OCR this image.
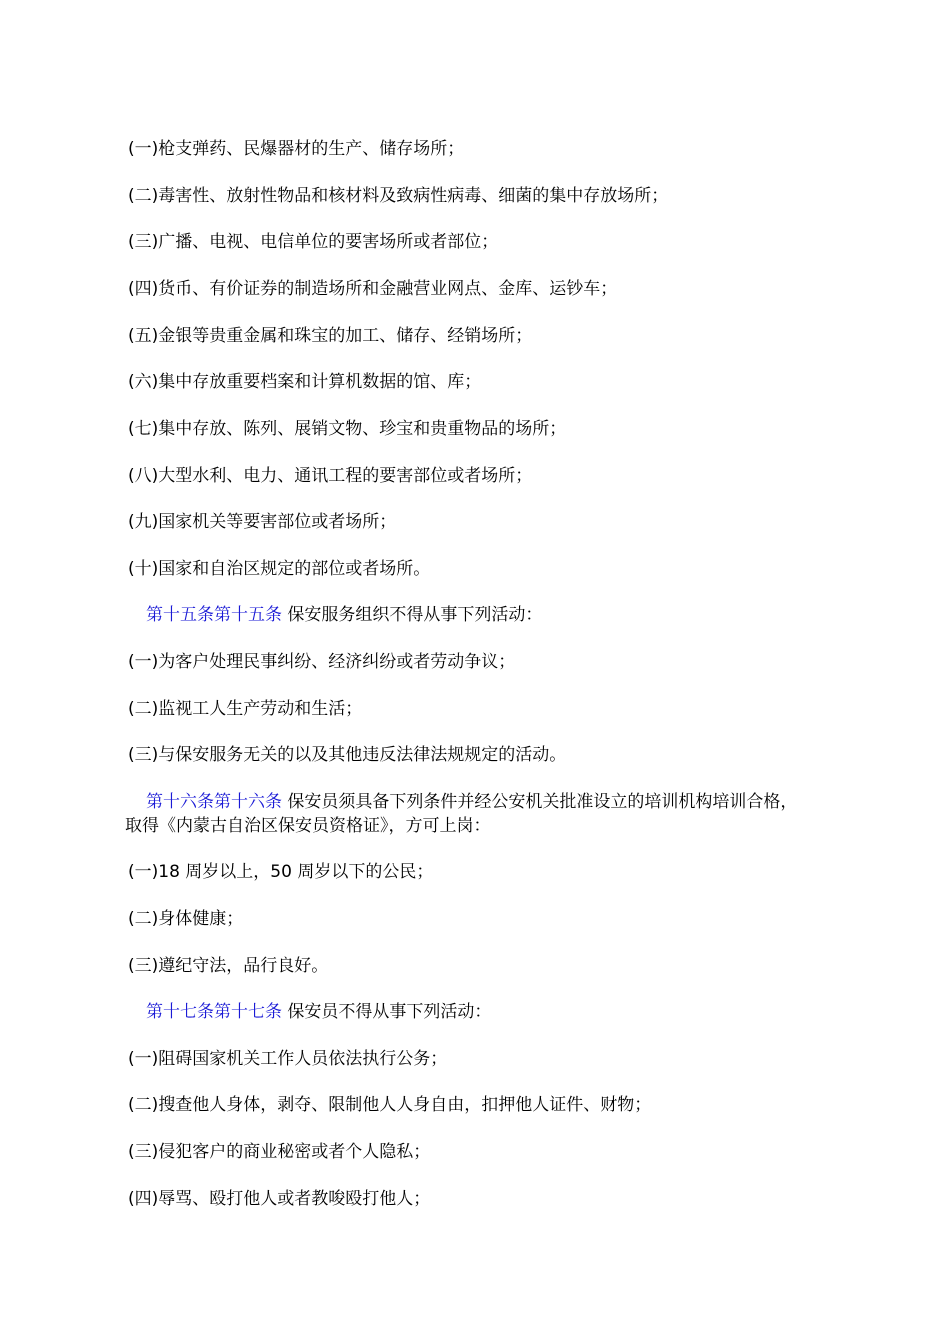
(一)枪支弹药、民爆器材的生产、储存场所；
(二)毒害性、放射性物品和核材料及致病性病毒、细菌的集中存放场所；
(三)广播、电视、电信单位的要害场所或者部位；
(四)货币、有价证券的制造场所和金融营业网点、金库、运钞车；
(五)金银等贵重金属和珠宝的加工、储存、经销场所；
(六)集中存放重要档案和计算机数据的馆、库；
(七)集中存放、陈列、展销文物、珍宝和贵重物品的场所；
(八)大型水利、电力、通讯工程的要害部位或者场所；
(九)国家机关等要害部位或者场所；
(十)国家和自治区规定的部位或者场所。
第十五条第十五条 保安服务组织不得从事下列活动：
(一)为客户处理民事纠纷、经济纠纷或者劳动争议；
(二)监视工人生产劳动和生活；
(三)与保安服务无关的以及其他违反法律法规规定的活动。
第十六条第十六条 保安员须具备下列条件并经公安机关批准设立的培训机构培训合格，
取得《内蒙古自治区保安员资格证》，方可上岗：
(一)18 周岁以上，50 周岁以下的公民；
(二)身体健康；
(三)遵纪守法，品行良好。
第十七条第十七条 保安员不得从事下列活动：
(一)阻碍国家机关工作人员依法执行公务；
(二)搜查他人身体，剥夺、限制他人人身自由，扣押他人证件、财物；
(三)侵犯客户的商业秘密或者个人隐私；
(四)辱骂、殴打他人或者教唆殴打他人；
